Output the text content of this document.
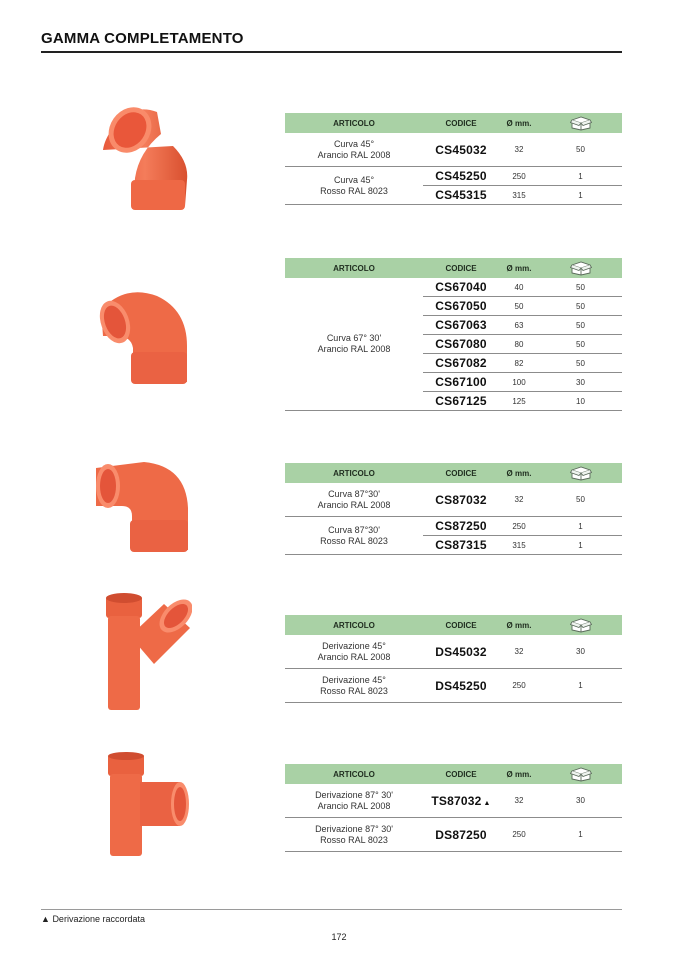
GAMMA COMPLETAMENTO
ARTICOLO	CODICE	Ø mm.
Curva 45°
Arancio RAL 2008	CS45032	32	50
Curva 45°
Rosso RAL 8023
CS45250	250	1
CS45315	315	1
ARTICOLO	CODICE	Ø mm.
Curva 67° 30'
Arancio RAL 2008
CS67040	40	50
CS67050	50	50
CS67063	63	50
CS67080	80	50
CS67082	82	50
CS67100	100	30
CS67125	125	10
ARTICOLO	CODICE	Ø mm.
Curva 87°30'
Arancio RAL 2008	CS87032	32	50
Curva 87°30'
Rosso RAL 8023
CS87250	250	1
CS87315	315	1
ARTICOLO	CODICE	Ø mm.
Derivazione 45°
Arancio RAL 2008	DS45032	32	30
Derivazione 45°
Rosso RAL 8023	DS45250	250	1
ARTICOLO	CODICE	Ø mm.
Derivazione 87° 30'
Arancio RAL 2008	TS87032 ▲	32	30
Derivazione 87° 30'
Rosso RAL 8023	DS87250	250	1
▲ Derivazione raccordata
172
